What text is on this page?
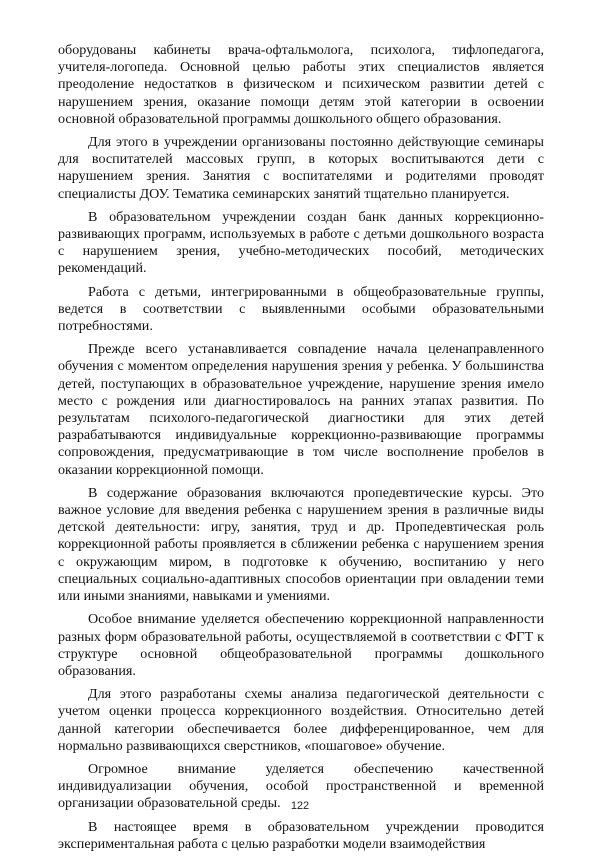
оборудованы кабинеты врача-офтальмолога, психолога, тифлопедагога, учителя-логопеда. Основной целью работы этих специалистов является преодоление недостатков в физическом и психическом развитии детей с нарушением зрения, оказание помощи детям этой категории в освоении основной образовательной программы дошкольного общего образования.

Для этого в учреждении организованы постоянно действующие семинары для воспитателей массовых групп, в которых воспитываются дети с нарушением зрения. Занятия с воспитателями и родителями проводят специалисты ДОУ. Тематика семинарских занятий тщательно планируется.

В образовательном учреждении создан банк данных коррекционно-развивающих программ, используемых в работе с детьми дошкольного возраста с нарушением зрения, учебно-методических пособий, методических рекомендаций.

Работа с детьми, интегрированными в общеобразовательные группы, ведется в соответствии с выявленными особыми образовательными потребностями.

Прежде всего устанавливается совпадение начала целенаправленного обучения с моментом определения нарушения зрения у ребенка. У большинства детей, поступающих в образовательное учреждение, нарушение зрения имело место с рождения или диагностировалось на ранних этапах развития. По результатам психолого-педагогической диагностики для этих детей разрабатываются индивидуальные коррекционно-развивающие программы сопровождения, предусматривающие в том числе восполнение пробелов в оказании коррекционной помощи.

В содержание образования включаются пропедевтические курсы. Это важное условие для введения ребенка с нарушением зрения в различные виды детской деятельности: игру, занятия, труд и др. Пропедевтическая роль коррекционной работы проявляется в сближении ребенка с нарушением зрения с окружающим миром, в подготовке к обучению, воспитанию у него специальных социально-адаптивных способов ориентации при овладении теми или иными знаниями, навыками и умениями.

Особое внимание уделяется обеспечению коррекционной направленности разных форм образовательной работы, осуществляемой в соответствии с ФГТ к структуре основной общеобразовательной программы дошкольного образования.

Для этого разработаны схемы анализа педагогической деятельности с учетом оценки процесса коррекционного воздействия. Относительно детей данной категории обеспечивается более дифференцированное, чем для нормально развивающихся сверстников, «пошаговое» обучение.

Огромное внимание уделяется обеспечению качественной индивидуализации обучения, особой пространственной и временной организации образовательной среды.

В настоящее время в образовательном учреждении проводится экспериментальная работа с целью разработки модели взаимодействия

122
